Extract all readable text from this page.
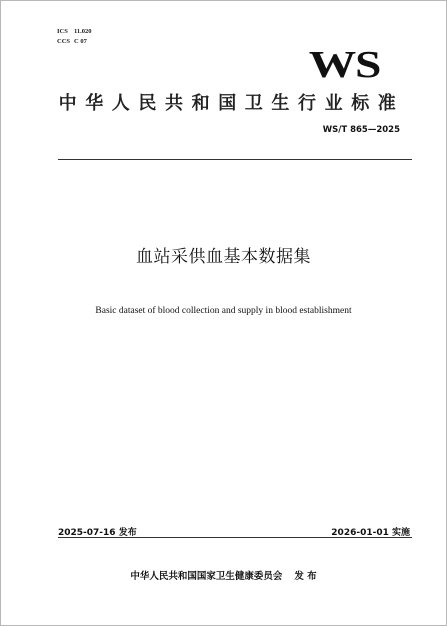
ICS 11.020
CCS C 07
WS
中华人民共和国卫生行业标准
WS/T 865—2025
血站采供血基本数据集
Basic dataset of blood collection and supply in blood establishment
2025-07-16 发布	2026-01-01 实施
中华人民共和国国家卫生健康委员会 发 布
